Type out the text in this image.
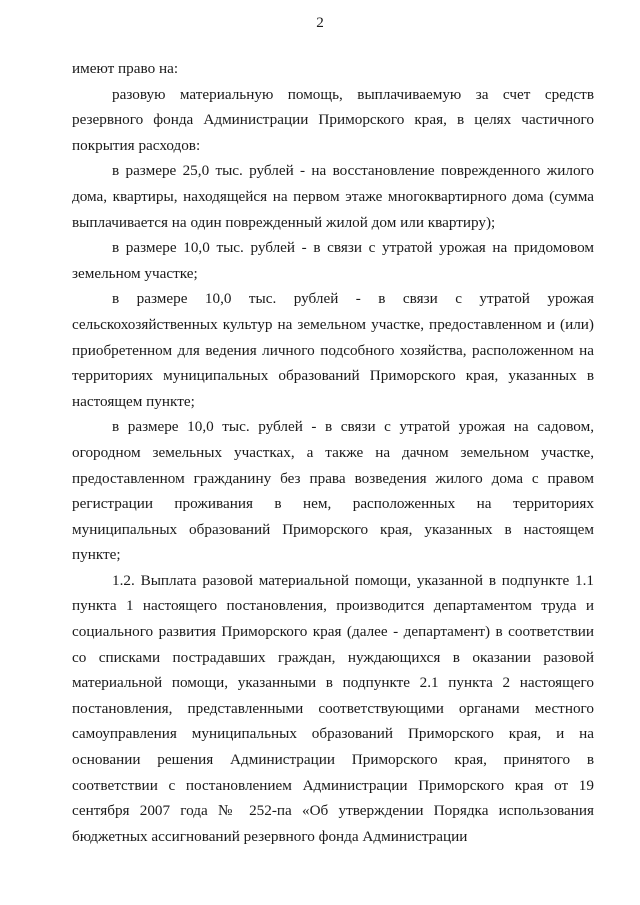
2

имеют право на:

разовую материальную помощь, выплачиваемую за счет средств резервного фонда Администрации Приморского края, в целях частичного покрытия расходов:

в размере 25,0 тыс. рублей - на восстановление поврежденного жилого дома, квартиры, находящейся на первом этаже многоквартирного дома (сумма выплачивается на один поврежденный жилой дом или квартиру);

в размере 10,0 тыс. рублей - в связи с утратой урожая на придомовом земельном участке;

в размере 10,0 тыс. рублей - в связи с утратой урожая сельскохозяйственных культур на земельном участке, предоставленном и (или) приобретенном для ведения личного подсобного хозяйства, расположенном на территориях муниципальных образований Приморского края, указанных в настоящем пункте;

в размере 10,0 тыс. рублей - в связи с утратой урожая на садовом, огородном земельных участках, а также на дачном земельном участке, предоставленном гражданину без права возведения жилого дома с правом регистрации проживания в нем, расположенных на территориях муниципальных образований Приморского края, указанных в настоящем пункте;

1.2. Выплата разовой материальной помощи, указанной в подпункте 1.1 пункта 1 настоящего постановления, производится департаментом труда и социального развития Приморского края (далее - департамент) в соответствии со списками пострадавших граждан, нуждающихся в оказании разовой материальной помощи, указанными в подпункте 2.1 пункта 2 настоящего постановления, представленными соответствующими органами местного самоуправления муниципальных образований Приморского края, и на основании решения Администрации Приморского края, принятого в соответствии с постановлением Администрации Приморского края от 19 сентября 2007 года № 252-па «Об утверждении Порядка использования бюджетных ассигнований резервного фонда Администрации
